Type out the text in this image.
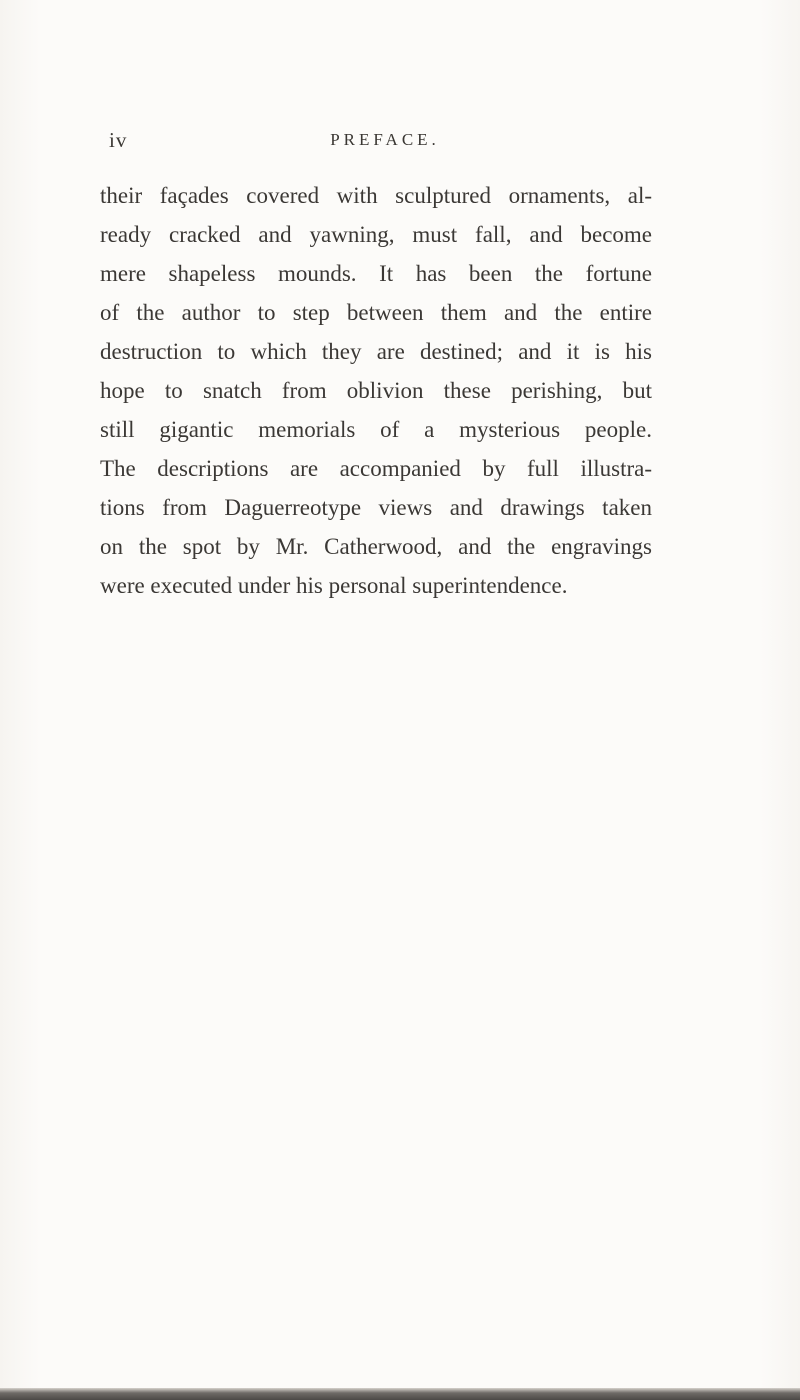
iv	PREFACE.
their façades covered with sculptured ornaments, al-
ready cracked and yawning, must fall, and become
mere shapeless mounds. It has been the fortune
of the author to step between them and the entire
destruction to which they are destined; and it is his
hope to snatch from oblivion these perishing, but
still gigantic memorials of a mysterious people.
The descriptions are accompanied by full illustra-
tions from Daguerreotype views and drawings taken
on the spot by Mr. Catherwood, and the engravings
were executed under his personal superintendence.
